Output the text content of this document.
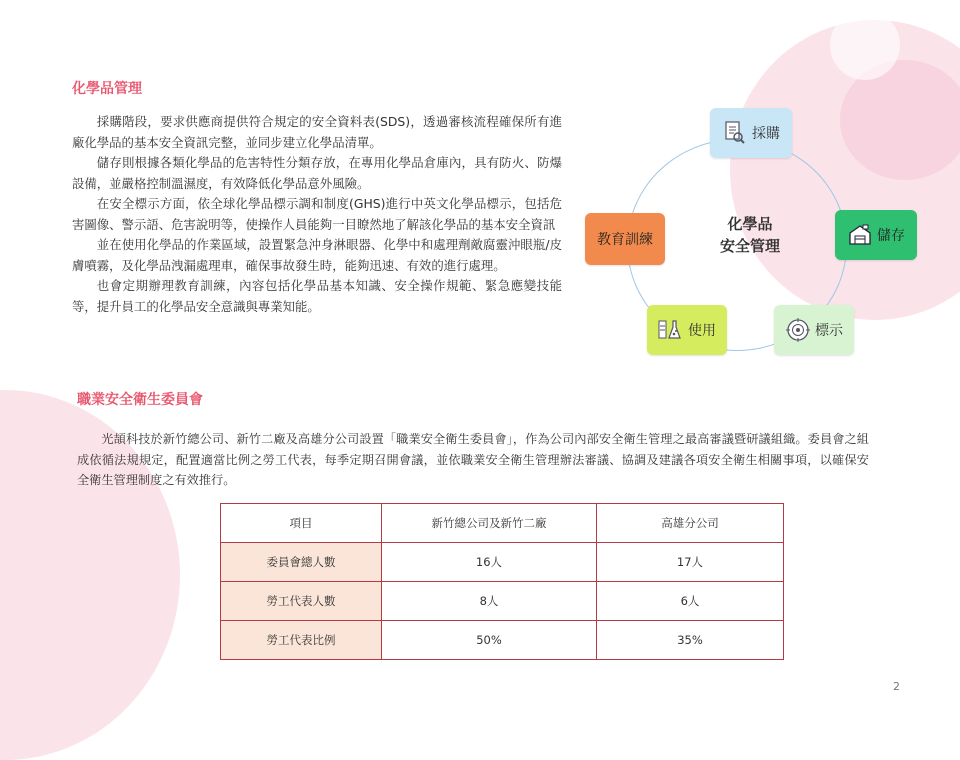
化學品管理

採購階段，要求供應商提供符合規定的安全資料表(SDS)，透過審核流程確保所有進廠化學品的基本安全資訊完整，並同步建立化學品清單。

儲存則根據各類化學品的危害特性分類存放，在專用化學品倉庫內，具有防火、防爆設備，並嚴格控制溫濕度，有效降低化學品意外風險。

在安全標示方面，依全球化學品標示調和制度(GHS)進行中英文化學品標示，包括危害圖像、警示語、危害說明等，使操作人員能夠一目瞭然地了解該化學品的基本安全資訊

並在使用化學品的作業區域，設置緊急沖身淋眼器、化學中和處理劑敵腐靈沖眼瓶/皮膚噴霧，及化學品洩漏處理車，確保事故發生時，能夠迅速、有效的進行處理。

也會定期辦理教育訓練，內容包括化學品基本知識、安全操作規範、緊急應變技能等，提升員工的化學品安全意識與專業知能。

化學品
安全管理
採購
儲存
標示
使用
教育訓練
職業安全衛生委員會

光頡科技於新竹總公司、新竹二廠及高雄分公司設置「職業安全衛生委員會」，作為公司內部安全衛生管理之最高審議暨研議組織。委員會之組成依循法規規定，配置適當比例之勞工代表，每季定期召開會議，並依職業安全衛生管理辦法審議、協調及建議各項安全衛生相關事項，以確保安全衛生管理制度之有效推行。

項目	新竹總公司及新竹二廠	高雄分公司
委員會總人數	16人	17人
勞工代表人數	8人	6人
勞工代表比例	50%	35%
2
